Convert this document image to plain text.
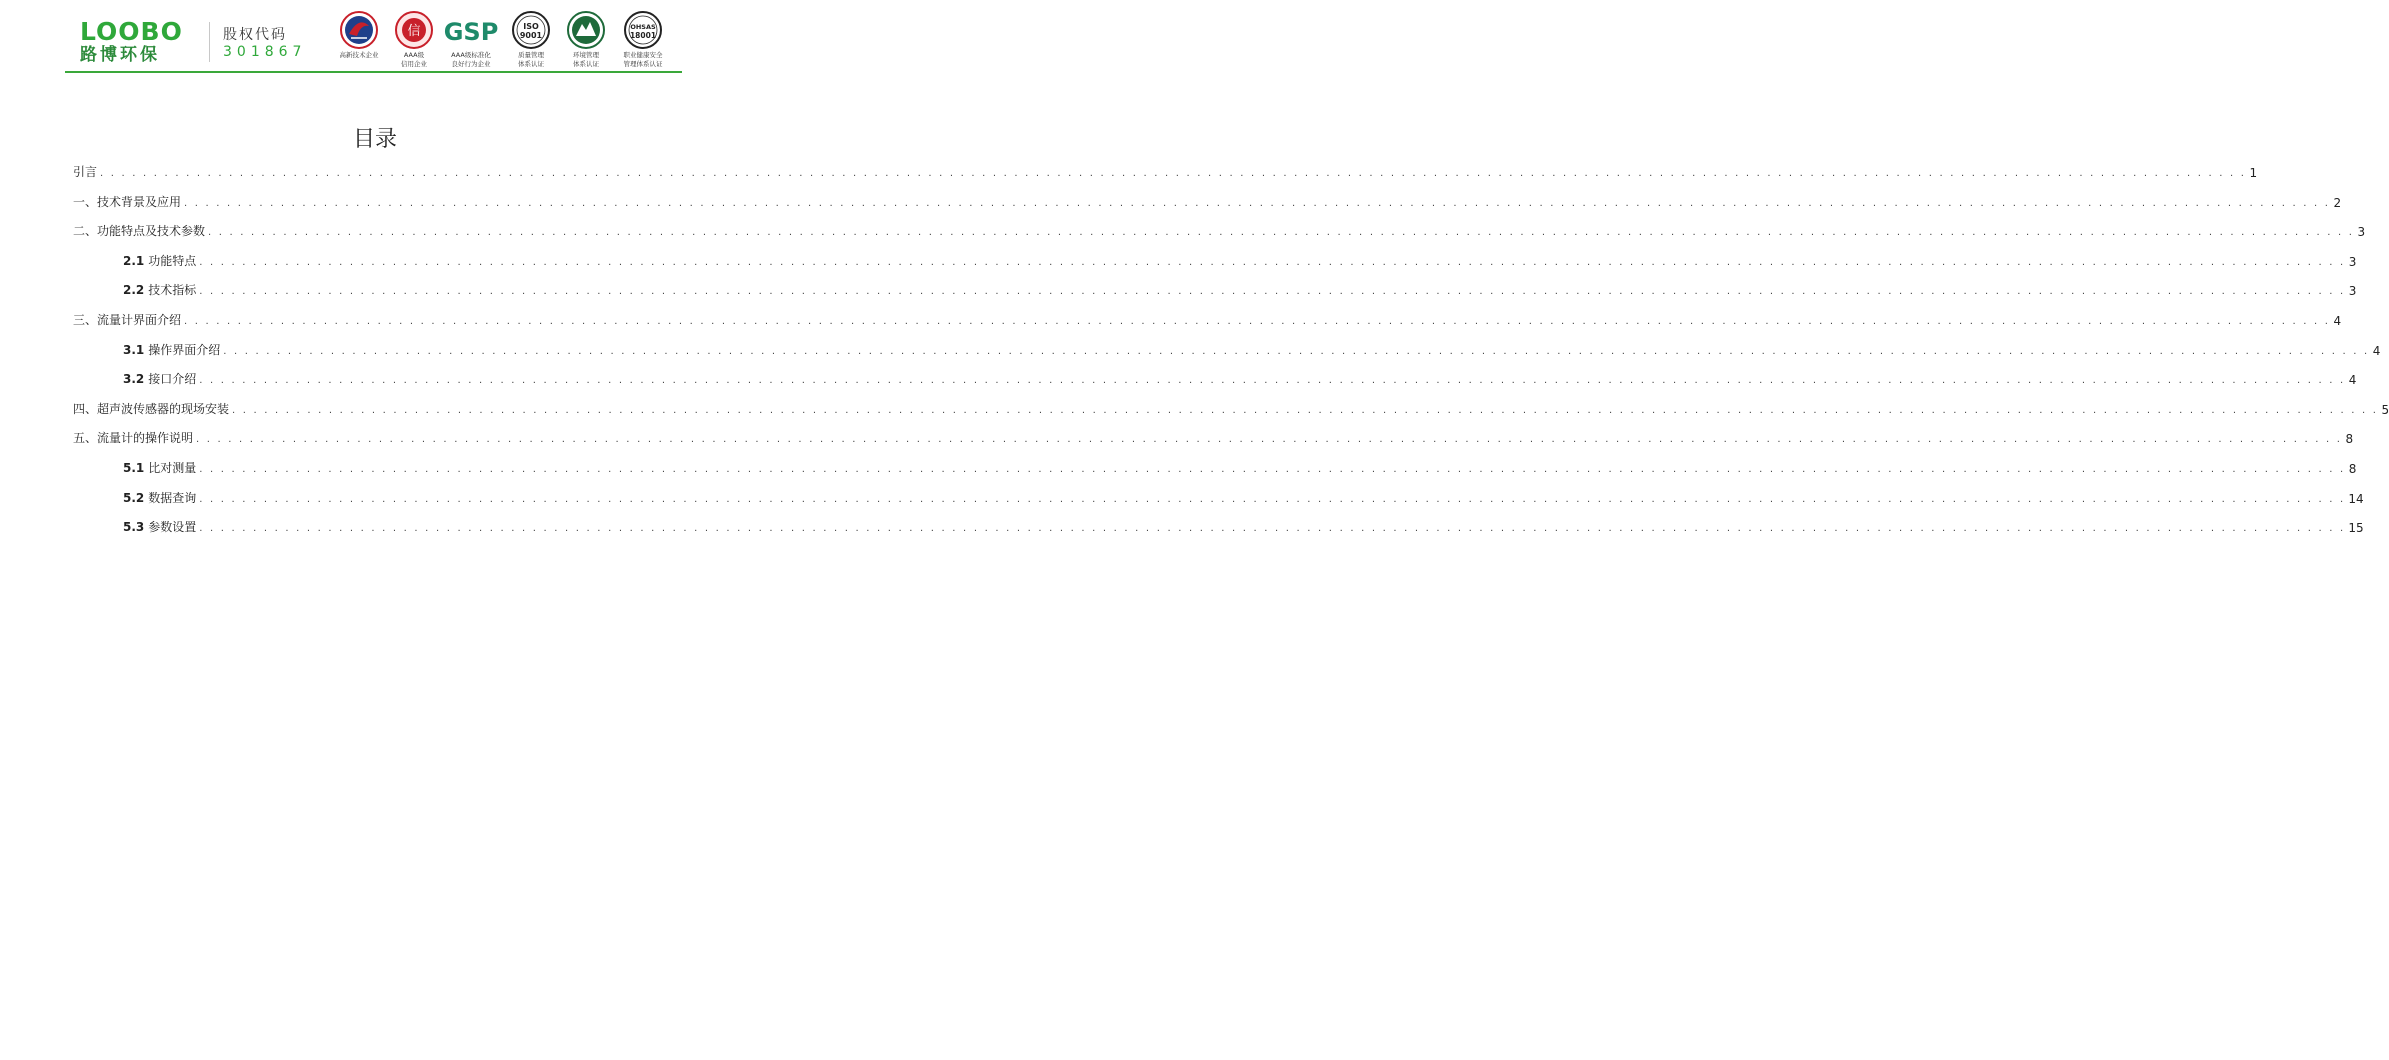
LOOBO
路博环保
股权代码
301867	高新技术企业
信
AAA级
信用企业
GSP
AAA级标准化
良好行为企业
ISO
9001
质量管理
体系认证
环境管理
体系认证
OHSAS
18001
职业健康安全
管理体系认证
目录
引言 . . . . . . . . . . . . . . . . . . . . . . . . . . . . . . . . . . . . . . . . . . . . . . . . . . . . . . . . . . . . . . . . . . . . . . . . . . . . . . . . . . . . . . . . . . . . . . . . . . . . . . . . . . . . . . . . . . . . . . . . . . . . . . . . . . . . . . . . . . . . . . . . . . . . . . . . . . . . . . . . . . . . . . . . . . . . . . . . . . . . . . . . . . . . . . . . . . . . . . . . 1
一、技术背景及应用 . . . . . . . . . . . . . . . . . . . . . . . . . . . . . . . . . . . . . . . . . . . . . . . . . . . . . . . . . . . . . . . . . . . . . . . . . . . . . . . . . . . . . . . . . . . . . . . . . . . . . . . . . . . . . . . . . . . . . . . . . . . . . . . . . . . . . . . . . . . . . . . . . . . . . . . . . . . . . . . . . . . . . . . . . . . . . . . . . . . . . . . . . . . . . . . . . . . . . . . . 2
二、功能特点及技术参数 . . . . . . . . . . . . . . . . . . . . . . . . . . . . . . . . . . . . . . . . . . . . . . . . . . . . . . . . . . . . . . . . . . . . . . . . . . . . . . . . . . . . . . . . . . . . . . . . . . . . . . . . . . . . . . . . . . . . . . . . . . . . . . . . . . . . . . . . . . . . . . . . . . . . . . . . . . . . . . . . . . . . . . . . . . . . . . . . . . . . . . . . . . . . . . . . . . . . . . . . 3
2.1 功能特点 . . . . . . . . . . . . . . . . . . . . . . . . . . . . . . . . . . . . . . . . . . . . . . . . . . . . . . . . . . . . . . . . . . . . . . . . . . . . . . . . . . . . . . . . . . . . . . . . . . . . . . . . . . . . . . . . . . . . . . . . . . . . . . . . . . . . . . . . . . . . . . . . . . . . . . . . . . . . . . . . . . . . . . . . . . . . . . . . . . . . . . . . . . . . . . . . . . . . . . . . 3
2.2 技术指标 . . . . . . . . . . . . . . . . . . . . . . . . . . . . . . . . . . . . . . . . . . . . . . . . . . . . . . . . . . . . . . . . . . . . . . . . . . . . . . . . . . . . . . . . . . . . . . . . . . . . . . . . . . . . . . . . . . . . . . . . . . . . . . . . . . . . . . . . . . . . . . . . . . . . . . . . . . . . . . . . . . . . . . . . . . . . . . . . . . . . . . . . . . . . . . . . . . . . . . . . 3
三、流量计界面介绍 . . . . . . . . . . . . . . . . . . . . . . . . . . . . . . . . . . . . . . . . . . . . . . . . . . . . . . . . . . . . . . . . . . . . . . . . . . . . . . . . . . . . . . . . . . . . . . . . . . . . . . . . . . . . . . . . . . . . . . . . . . . . . . . . . . . . . . . . . . . . . . . . . . . . . . . . . . . . . . . . . . . . . . . . . . . . . . . . . . . . . . . . . . . . . . . . . . . . . . . . 4
3.1 操作界面介绍 . . . . . . . . . . . . . . . . . . . . . . . . . . . . . . . . . . . . . . . . . . . . . . . . . . . . . . . . . . . . . . . . . . . . . . . . . . . . . . . . . . . . . . . . . . . . . . . . . . . . . . . . . . . . . . . . . . . . . . . . . . . . . . . . . . . . . . . . . . . . . . . . . . . . . . . . . . . . . . . . . . . . . . . . . . . . . . . . . . . . . . . . . . . . . . . . . . . . . . . . 4
3.2 接口介绍 . . . . . . . . . . . . . . . . . . . . . . . . . . . . . . . . . . . . . . . . . . . . . . . . . . . . . . . . . . . . . . . . . . . . . . . . . . . . . . . . . . . . . . . . . . . . . . . . . . . . . . . . . . . . . . . . . . . . . . . . . . . . . . . . . . . . . . . . . . . . . . . . . . . . . . . . . . . . . . . . . . . . . . . . . . . . . . . . . . . . . . . . . . . . . . . . . . . . . . . . 4
四、超声波传感器的现场安装 . . . . . . . . . . . . . . . . . . . . . . . . . . . . . . . . . . . . . . . . . . . . . . . . . . . . . . . . . . . . . . . . . . . . . . . . . . . . . . . . . . . . . . . . . . . . . . . . . . . . . . . . . . . . . . . . . . . . . . . . . . . . . . . . . . . . . . . . . . . . . . . . . . . . . . . . . . . . . . . . . . . . . . . . . . . . . . . . . . . . . . . . . . . . . . . . . . . . . . . . 5
五、流量计的操作说明 . . . . . . . . . . . . . . . . . . . . . . . . . . . . . . . . . . . . . . . . . . . . . . . . . . . . . . . . . . . . . . . . . . . . . . . . . . . . . . . . . . . . . . . . . . . . . . . . . . . . . . . . . . . . . . . . . . . . . . . . . . . . . . . . . . . . . . . . . . . . . . . . . . . . . . . . . . . . . . . . . . . . . . . . . . . . . . . . . . . . . . . . . . . . . . . . . . . . . . . . 8
5.1 比对测量 . . . . . . . . . . . . . . . . . . . . . . . . . . . . . . . . . . . . . . . . . . . . . . . . . . . . . . . . . . . . . . . . . . . . . . . . . . . . . . . . . . . . . . . . . . . . . . . . . . . . . . . . . . . . . . . . . . . . . . . . . . . . . . . . . . . . . . . . . . . . . . . . . . . . . . . . . . . . . . . . . . . . . . . . . . . . . . . . . . . . . . . . . . . . . . . . . . . . . . . . 8
5.2 数据查询 . . . . . . . . . . . . . . . . . . . . . . . . . . . . . . . . . . . . . . . . . . . . . . . . . . . . . . . . . . . . . . . . . . . . . . . . . . . . . . . . . . . . . . . . . . . . . . . . . . . . . . . . . . . . . . . . . . . . . . . . . . . . . . . . . . . . . . . . . . . . . . . . . . . . . . . . . . . . . . . . . . . . . . . . . . . . . . . . . . . . . . . . . . . . . . . . . . . . . . . . 14
5.3 参数设置 . . . . . . . . . . . . . . . . . . . . . . . . . . . . . . . . . . . . . . . . . . . . . . . . . . . . . . . . . . . . . . . . . . . . . . . . . . . . . . . . . . . . . . . . . . . . . . . . . . . . . . . . . . . . . . . . . . . . . . . . . . . . . . . . . . . . . . . . . . . . . . . . . . . . . . . . . . . . . . . . . . . . . . . . . . . . . . . . . . . . . . . . . . . . . . . . . . . . . . . . 15
